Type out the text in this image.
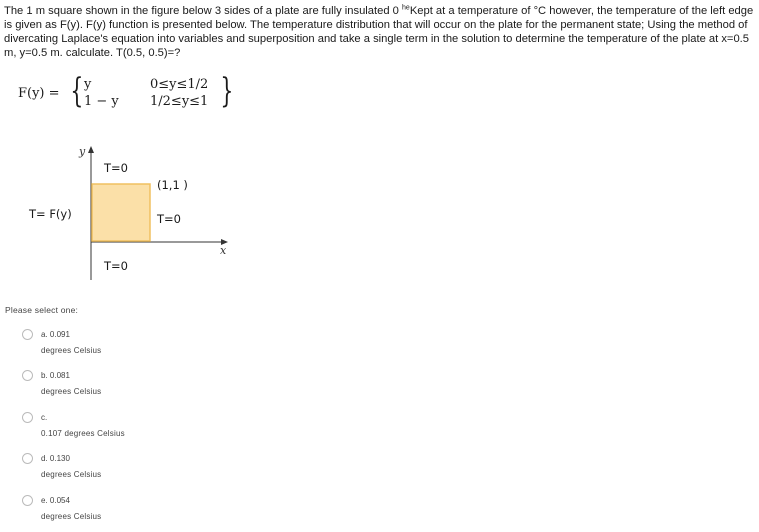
The 1 m square shown in the figure below 3 sides of a plate are fully insulated 0 $^{he}$Kept at a temperature of °C however, the temperature of the left edge is given as F(y). F(y) function is presented below. The temperature distribution that will occur on the plate for the permanent state; Using the method of divercating Laplace's equation into variables and superposition and take a single term in the solution to determine the temperature of the plate at x=0.5 m, y=0.5 m. calculate. T(0.5, 0.5)=?
F(y) = { y
1 − y
0≤y≤1/2
1/2≤y≤1 }
y
x
T=0
(1,1 )
T= F(y)	T=0
T=0
Please select one:
a. 0.091
degrees Celsius
b. 0.081
degrees Celsius
c.
0.107 degrees Celsius
d. 0.130
degrees Celsius
e. 0.054
degrees Celsius
